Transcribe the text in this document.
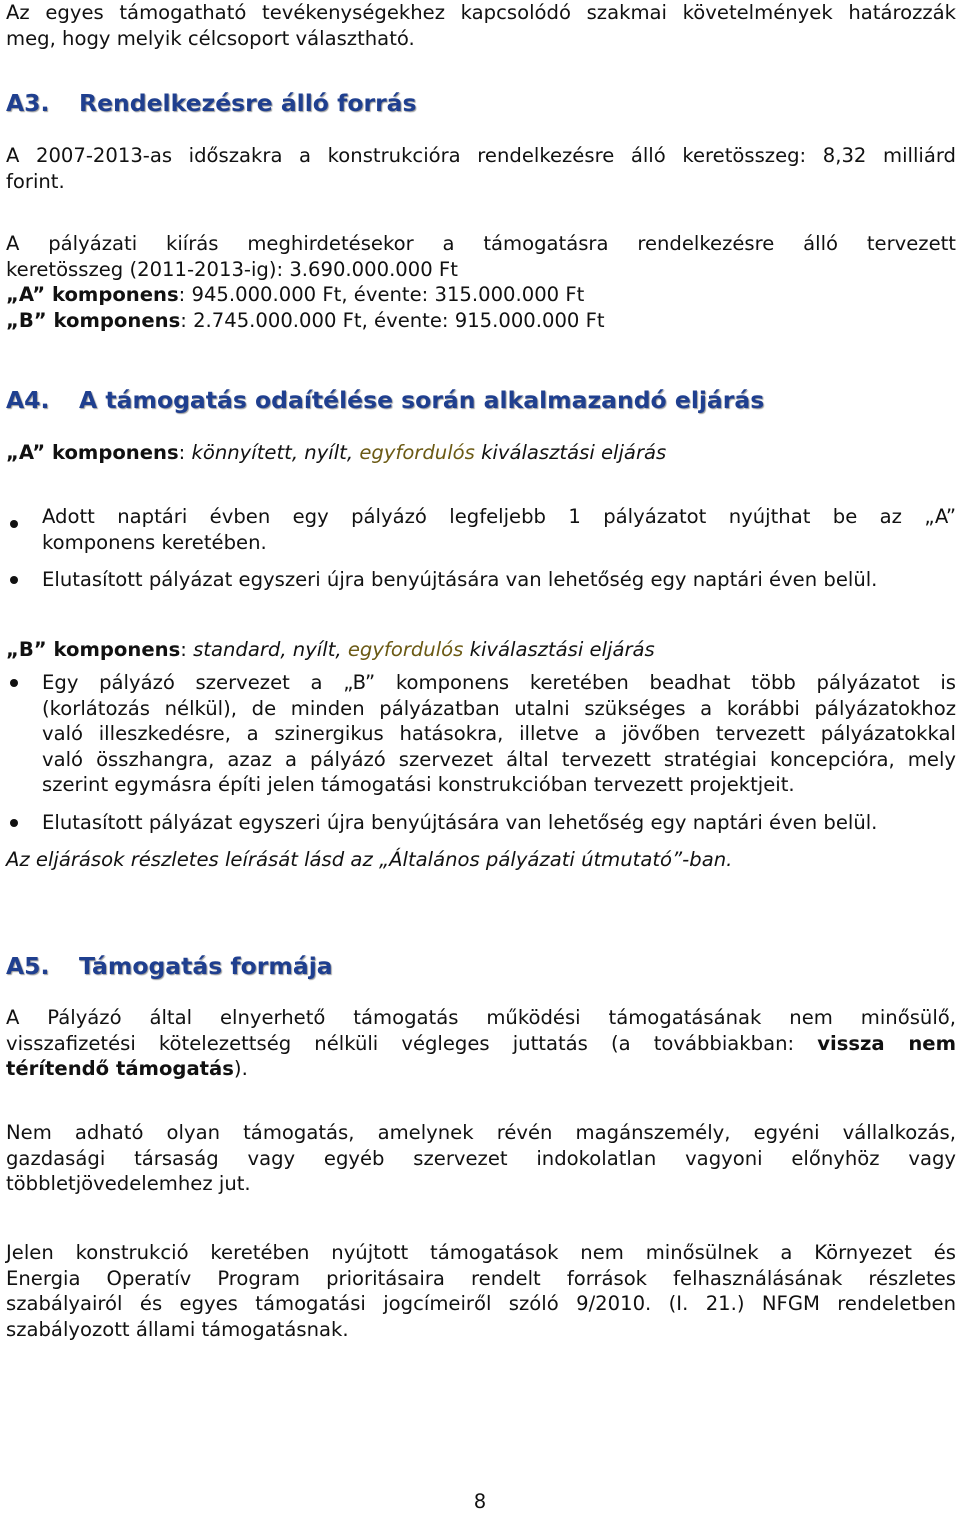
Az egyes támogatható tevékenységekhez kapcsolódó szakmai követelmények határozzák
meg, hogy melyik célcsoport választható.
A3. Rendelkezésre álló forrás
A 2007-2013-as időszakra a konstrukcióra rendelkezésre álló keretösszeg: 8,32 milliárd
forint.
A pályázati kiírás meghirdetésekor a támogatásra rendelkezésre álló tervezett
keretösszeg (2011-2013-ig): 3.690.000.000 Ft
„A” komponens: 945.000.000 Ft, évente: 315.000.000 Ft
„B” komponens: 2.745.000.000 Ft, évente: 915.000.000 Ft
A4. A támogatás odaítélése során alkalmazandó eljárás
„A” komponens: könnyített, nyílt, egyfordulós kiválasztási eljárás
Adott naptári évben egy pályázó legfeljebb 1 pályázatot nyújthat be az „A”
komponens keretében.
Elutasított pályázat egyszeri újra benyújtására van lehetőség egy naptári éven belül.
„B” komponens: standard, nyílt, egyfordulós kiválasztási eljárás
Egy pályázó szervezet a „B” komponens keretében beadhat több pályázatot is
(korlátozás nélkül), de minden pályázatban utalni szükséges a korábbi pályázatokhoz
való illeszkedésre, a szinergikus hatásokra, illetve a jövőben tervezett pályázatokkal
való összhangra, azaz a pályázó szervezet által tervezett stratégiai koncepcióra, mely
szerint egymásra építi jelen támogatási konstrukcióban tervezett projektjeit.
Elutasított pályázat egyszeri újra benyújtására van lehetőség egy naptári éven belül.
Az eljárások részletes leírását lásd az „Általános pályázati útmutató”-ban.
A5. Támogatás formája
A Pályázó által elnyerhető támogatás működési támogatásának nem minősülő,
visszafizetési kötelezettség nélküli végleges juttatás (a továbbiakban: vissza nem
térítendő támogatás).
Nem adható olyan támogatás, amelynek révén magánszemély, egyéni vállalkozás,
gazdasági társaság vagy egyéb szervezet indokolatlan vagyoni előnyhöz vagy
többletjövedelemhez jut.
Jelen konstrukció keretében nyújtott támogatások nem minősülnek a Környezet és
Energia Operatív Program prioritásaira rendelt források felhasználásának részletes
szabályairól és egyes támogatási jogcímeiről szóló 9/2010. (I. 21.) NFGM rendeletben
szabályozott állami támogatásnak.
8
